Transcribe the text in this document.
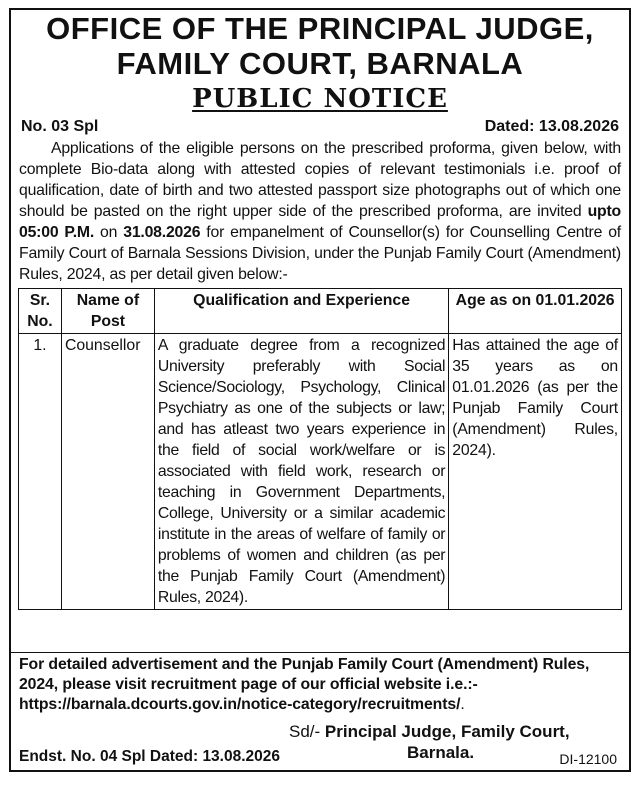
OFFICE OF THE PRINCIPAL JUDGE,
FAMILY COURT, BARNALA
PUBLIC NOTICE
No. 03 Spl	Dated: 13.08.2026

Applications of the eligible persons on the prescribed proforma, given below, with complete Bio-data along with attested copies of relevant testimonials i.e. proof of qualification, date of birth and two attested passport size photographs out of which one should be pasted on the right upper side of the prescribed proforma, are invited upto 05:00 P.M. on 31.08.2026 for empanelment of Counsellor(s) for Counselling Centre of Family Court of Barnala Sessions Division, under the Punjab Family Court (Amendment) Rules, 2024, as per detail given below:-

Sr. No.	Name of Post	Qualification and Experience	Age as on 01.01.2026
1.	Counsellor	A graduate degree from a recognized University preferably with Social Science/Sociology, Psychology, Clinical Psychiatry as one of the subjects or law; and has atleast two years experience in the field of social work/welfare or is associated with field work, research or teaching in Government Departments, College, University or a similar academic institute in the areas of welfare of family or problems of women and children (as per the Punjab Family Court (Amendment) Rules, 2024).	Has attained the age of 35 years as on 01.01.2026 (as per the Punjab Family Court (Amendment) Rules, 2024).
For detailed advertisement and the Punjab Family Court (Amendment) Rules, 2024, please visit recruitment page of our official website i.e.:-
https://barnala.dcourts.gov.in/notice-category/recruitments/.
Sd/- Principal Judge, Family Court,
Barnala.
Endst. No. 04 Spl Dated: 13.08.2026	DI-12100
